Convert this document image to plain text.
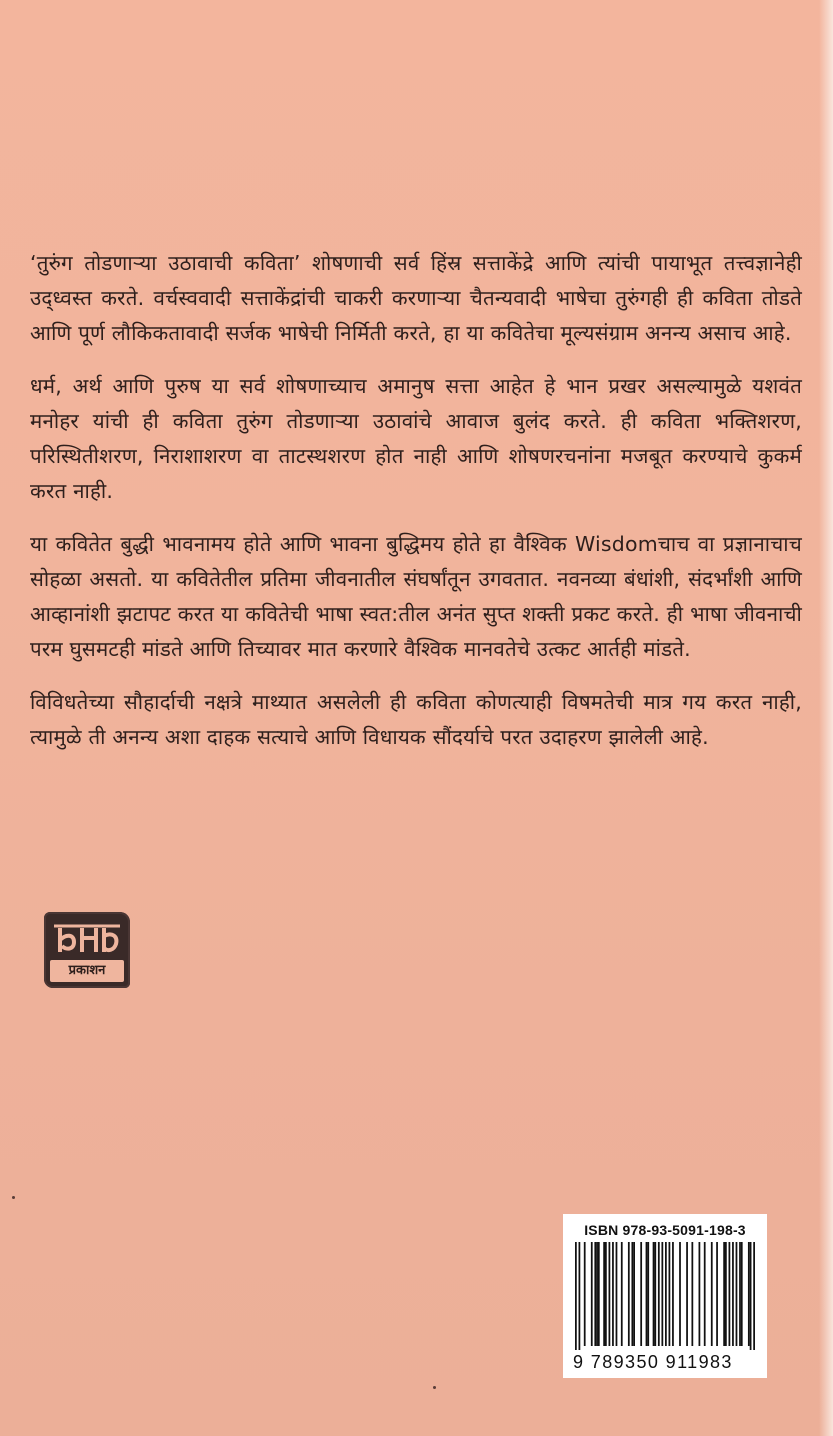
‘तुरुंग तोडणाऱ्या उठावाची कविता’ शोषणाची सर्व हिंस्र सत्ताकेंद्रे आणि त्यांची पायाभूत तत्त्वज्ञानेही उद्ध्वस्त करते. वर्चस्ववादी सत्ताकेंद्रांची चाकरी करणाऱ्या चैतन्यवादी भाषेचा तुरुंगही ही कविता तोडते आणि पूर्ण लौकिकतावादी सर्जक भाषेची निर्मिती करते, हा या कवितेचा मूल्यसंग्राम अनन्य असाच आहे.

धर्म, अर्थ आणि पुरुष या सर्व शोषणाच्याच अमानुष सत्ता आहेत हे भान प्रखर असल्यामुळे यशवंत मनोहर यांची ही कविता तुरुंग तोडणाऱ्या उठावांचे आवाज बुलंद करते. ही कविता भक्तिशरण, परिस्थितीशरण, निराशाशरण वा ताटस्थशरण होत नाही आणि शोषणरचनांना मजबूत करण्याचे कुकर्म करत नाही.

या कवितेत बुद्धी भावनामय होते आणि भावना बुद्धिमय होते हा वैश्विक Wisdomचाच वा प्रज्ञानाचाच सोहळा असतो. या कवितेतील प्रतिमा जीवनातील संघर्षांतून उगवतात. नवनव्या बंधांशी, संदर्भांशी आणि आव्हानांशी झटापट करत या कवितेची भाषा स्वत:तील अनंत सुप्त शक्ती प्रकट करते. ही भाषा जीवनाची परम घुसमटही मांडते आणि तिच्यावर मात करणारे वैश्विक मानवतेचे उत्कट आर्तही मांडते.

विविधतेच्या सौहार्दाची नक्षत्रे माथ्यात असलेली ही कविता कोणत्याही विषमतेची मात्र गय करत नाही, त्यामुळे ती अनन्य अशा दाहक सत्याचे आणि विधायक सौंदर्याचे परत उदाहरण झालेली आहे.

प्रकाशन
ISBN 978-93-5091-198-3
9 789350 911983
